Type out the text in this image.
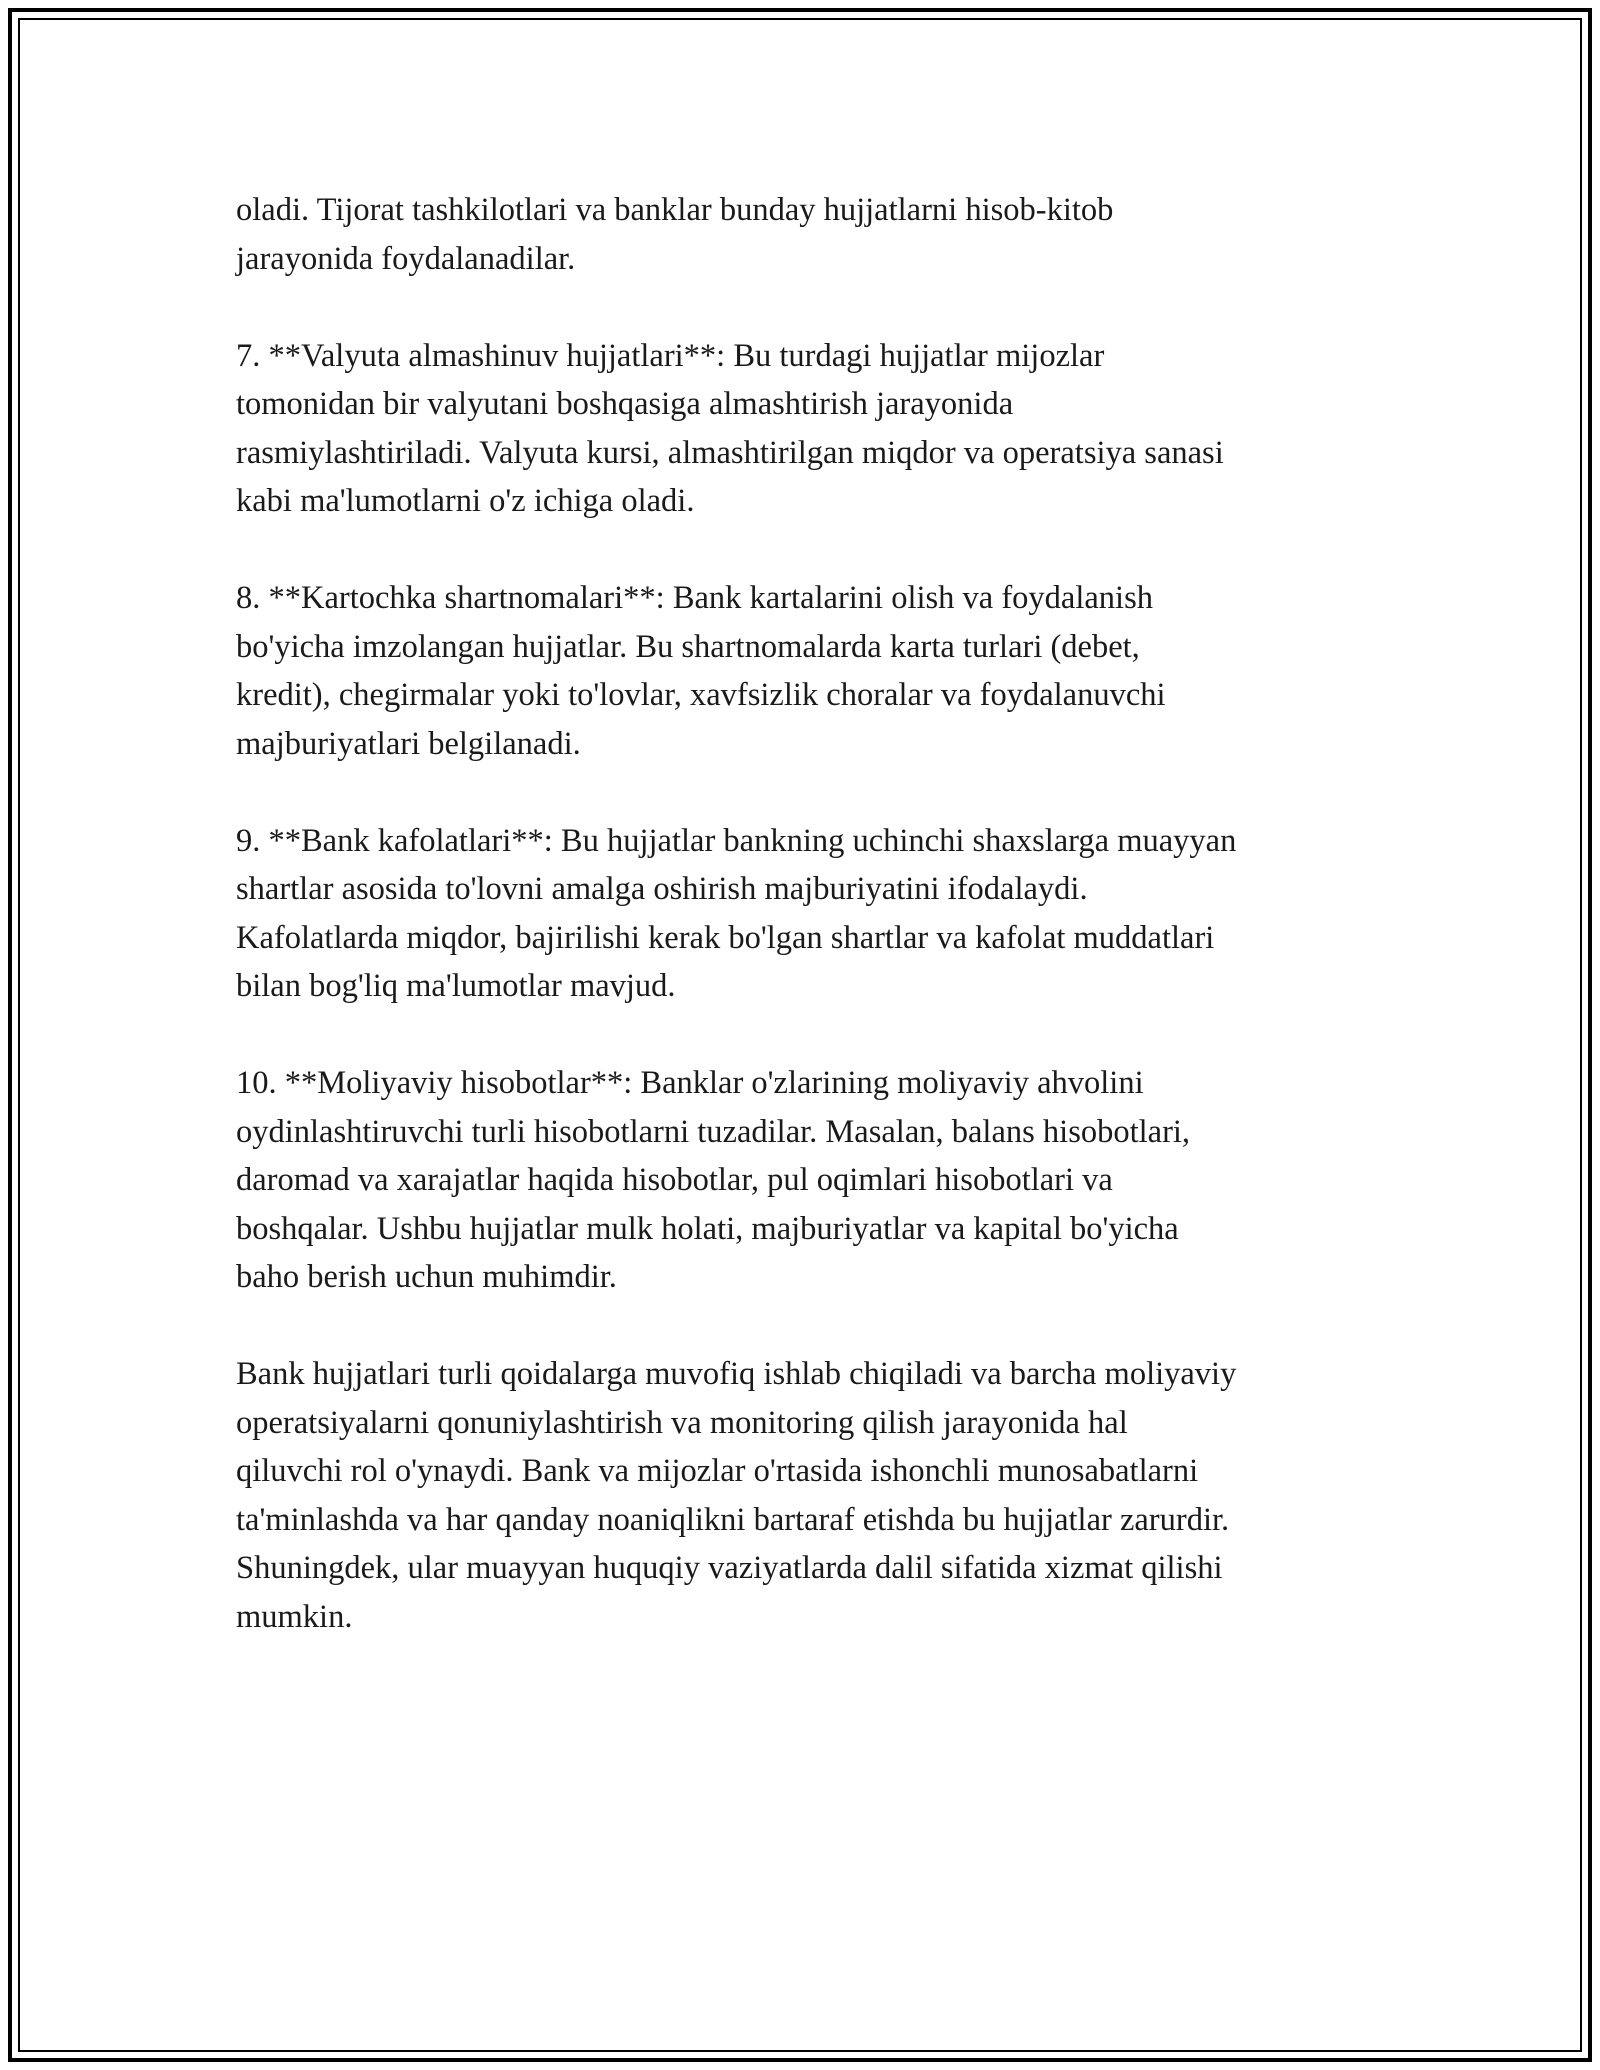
oladi. Tijorat tashkilotlari va banklar bunday hujjatlarni hisob-kitob
jarayonida foydalanadilar.

7. **Valyuta almashinuv hujjatlari**: Bu turdagi hujjatlar mijozlar
tomonidan bir valyutani boshqasiga almashtirish jarayonida
rasmiylashtiriladi. Valyuta kursi, almashtirilgan miqdor va operatsiya sanasi
kabi ma'lumotlarni o'z ichiga oladi.

8. **Kartochka shartnomalari**: Bank kartalarini olish va foydalanish
bo'yicha imzolangan hujjatlar. Bu shartnomalarda karta turlari (debet,
kredit), chegirmalar yoki to'lovlar, xavfsizlik choralar va foydalanuvchi
majburiyatlari belgilanadi.

9. **Bank kafolatlari**: Bu hujjatlar bankning uchinchi shaxslarga muayyan
shartlar asosida to'lovni amalga oshirish majburiyatini ifodalaydi.
Kafolatlarda miqdor, bajirilishi kerak bo'lgan shartlar va kafolat muddatlari
bilan bog'liq ma'lumotlar mavjud.

10. **Moliyaviy hisobotlar**: Banklar o'zlarining moliyaviy ahvolini
oydinlashtiruvchi turli hisobotlarni tuzadilar. Masalan, balans hisobotlari,
daromad va xarajatlar haqida hisobotlar, pul oqimlari hisobotlari va
boshqalar. Ushbu hujjatlar mulk holati, majburiyatlar va kapital bo'yicha
baho berish uchun muhimdir.

Bank hujjatlari turli qoidalarga muvofiq ishlab chiqiladi va barcha moliyaviy
operatsiyalarni qonuniylashtirish va monitoring qilish jarayonida hal
qiluvchi rol o'ynaydi. Bank va mijozlar o'rtasida ishonchli munosabatlarni
ta'minlashda va har qanday noaniqlikni bartaraf etishda bu hujjatlar zarurdir.
Shuningdek, ular muayyan huquqiy vaziyatlarda dalil sifatida xizmat qilishi
mumkin.
